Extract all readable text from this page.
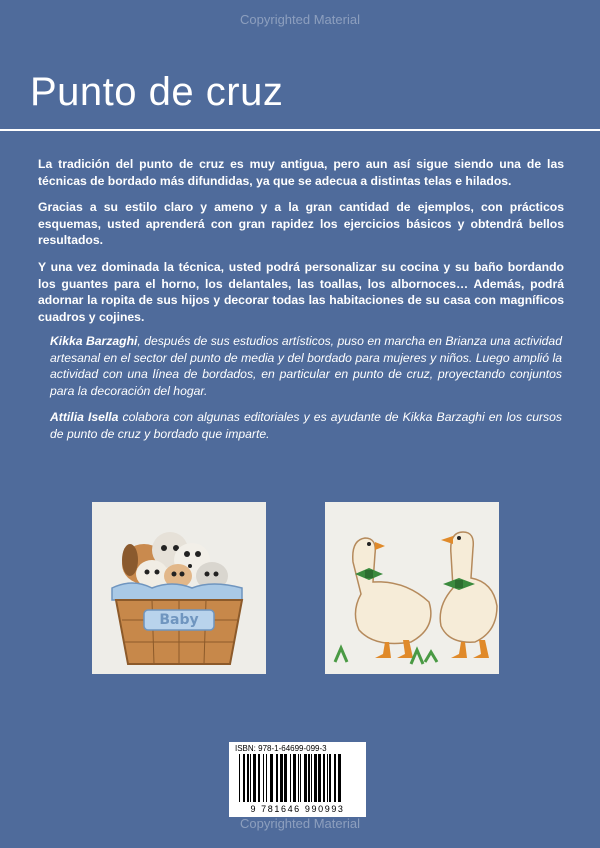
Copyrighted Material
Punto de cruz

La tradición del punto de cruz es muy antigua, pero aun así sigue siendo una de las técnicas de bordado más difundidas, ya que se adecua a distintas telas e hilados.

Gracias a su estilo claro y ameno y a la gran cantidad de ejemplos, con prácticos esquemas, usted aprenderá con gran rapidez los ejercicios básicos y obtendrá bellos resultados.

Y una vez dominada la técnica, usted podrá personalizar su cocina y su baño bordando los guantes para el horno, los delantales, las toallas, los albornoces… Además, podrá adornar la ropita de sus hijos y decorar todas las habitaciones de su casa con magníficos cuadros y cojines.

Kikka Barzaghi, después de sus estudios artísticos, puso en marcha en Brianza una actividad artesanal en el sector del punto de media y del bordado para mujeres y niños. Luego amplió la actividad con una línea de bordados, en particular en punto de cruz, proyectando conjuntos para la decoración del hogar.

Attilia Isella colabora con algunas editoriales y es ayudante de Kikka Barzaghi en los cursos de punto de cruz y bordado que imparte.

Baby
ISBN: 978-1-64699-099-3
9 781646 990993
Copyrighted Material
